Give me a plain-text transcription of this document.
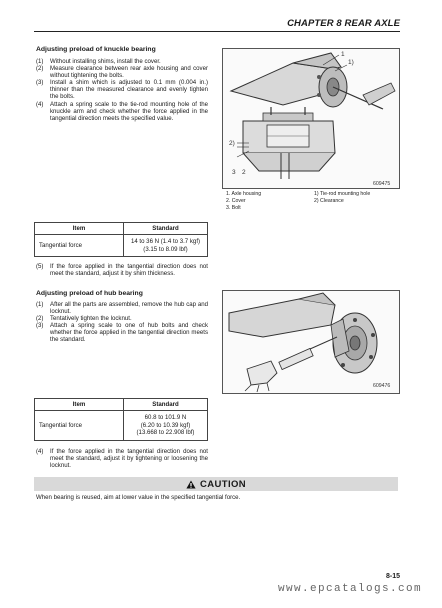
CHAPTER 8 REAR AXLE
Adjusting preload of knuckle bearing
(1)	Without installing shims, install the cover.
(2)	Measure clearance between rear axle housing and cover without tightening the bolts.
(3)	Install a shim which is adjusted to 0.1 mm (0.004 in.) thinner than the measured clearance and evenly tighten the bolts.
(4)	Attach a spring scale to the tie-rod mounting hole of the knuckle arm and check whether the force applied in the tangential direction meets the specified value.
1
1)
2)
3 2
609475
1. Axle housing	1) Tie-rod mounting hole
2. Cover	2) Clearance
3. Bolt
Item	Standard
Tangential force	14 to 36 N (1.4 to 3.7 kgf)
(3.15 to 8.09 lbf)
(5)	If the force applied in the tangential direction does not meet the standard, adjust it by shim thickness.
Adjusting preload of hub bearing
(1)	After all the parts are assembled, remove the hub cap and locknut.
(2)	Tentatively tighten the locknut.
(3)	Attach a spring scale to one of hub bolts and check whether the force applied in the tangential direction meets the standard.
609476
Item	Standard
Tangential force	60.8 to 101.9 N
(6.20 to 10.39 kgf)
(13.668 to 22.908 lbf)
(4)	If the force applied in the tangential direction does not meet the standard, adjust it by tightening or loosening the locknut.
CAUTION
When bearing is reused, aim at lower value in the specified tangential force.
8-15
www.epcatalogs.com
